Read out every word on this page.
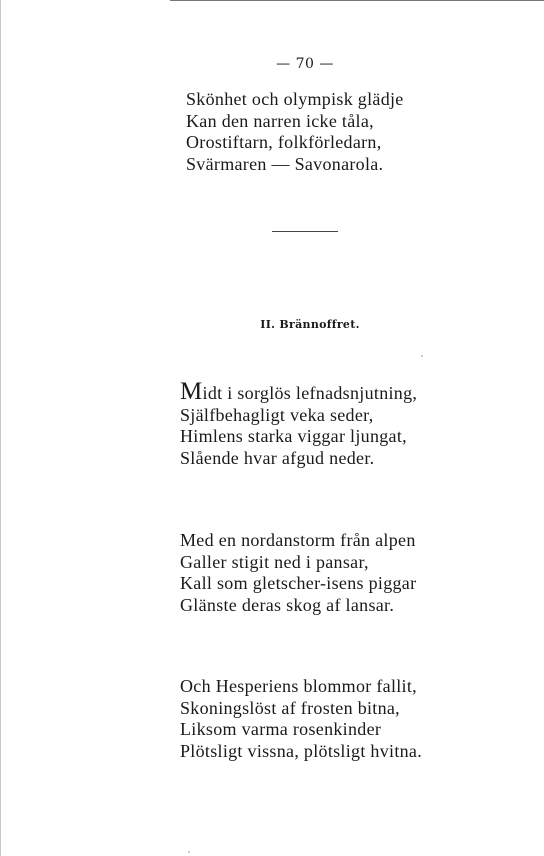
— 70 —
Skönhet och olympisk glädje
Kan den narren icke tåla,
Orostiftarn, folkförledarn,
Svärmaren — Savonarola.
II. Brännoffret.
Midt i sorglös lefnadsnjutning,
Själfbehagligt veka seder,
Himlens starka viggar ljungat,
Slående hvar afgud neder.
Med en nordanstorm från alpen
Galler stigit ned i pansar,
Kall som gletscher-isens piggar
Glänste deras skog af lansar.
Och Hesperiens blommor fallit,
Skoningslöst af frosten bitna,
Liksom varma rosenkinder
Plötsligt vissna, plötsligt hvitna.
